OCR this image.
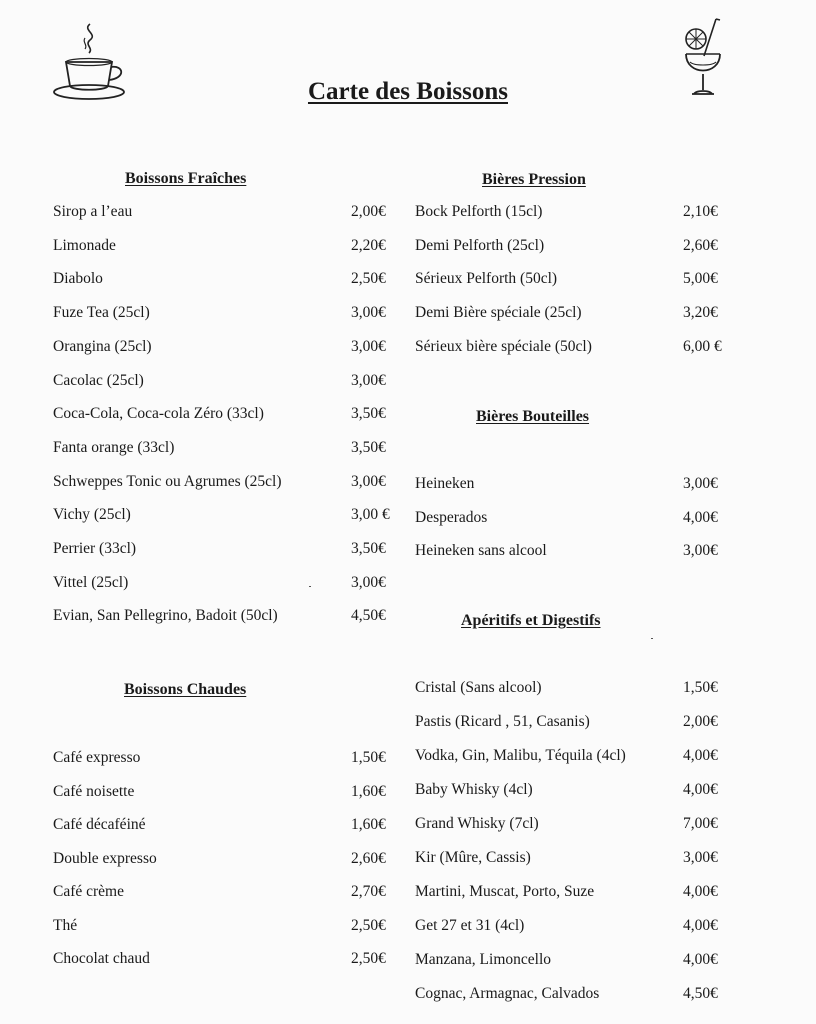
Carte des Boissons
Boissons Fraîches
Sirop a l’eau	2,00€
Limonade	2,20€
Diabolo	2,50€
Fuze Tea (25cl)	3,00€
Orangina (25cl)	3,00€
Cacolac (25cl)	3,00€
Coca-Cola, Coca-cola Zéro (33cl)	3,50€
Fanta orange (33cl)	3,50€
Schweppes Tonic ou Agrumes (25cl)	3,00€
Vichy (25cl)	3,00 €
Perrier (33cl)	3,50€
Vittel (25cl)	3,00€
Evian, San Pellegrino, Badoit (50cl)	4,50€
Boissons Chaudes
Café expresso	1,50€
Café noisette	1,60€
Café décaféiné	1,60€
Double expresso	2,60€
Café crème	2,70€
Thé	2,50€
Chocolat chaud	2,50€
Bières Pression
Bock Pelforth (15cl)	2,10€
Demi Pelforth (25cl)	2,60€
Sérieux Pelforth (50cl)	5,00€
Demi Bière spéciale (25cl)	3,20€
Sérieux bière spéciale (50cl)	6,00 €
Bières Bouteilles
Heineken	3,00€
Desperados	4,00€
Heineken sans alcool	3,00€
Apéritifs et Digestifs
Cristal (Sans alcool)	1,50€
Pastis (Ricard , 51, Casanis)	2,00€
Vodka, Gin, Malibu, Téquila (4cl)	4,00€
Baby Whisky (4cl)	4,00€
Grand Whisky (7cl)	7,00€
Kir (Mûre, Cassis)	3,00€
Martini, Muscat, Porto, Suze	4,00€
Get 27 et 31 (4cl)	4,00€
Manzana, Limoncello	4,00€
Cognac, Armagnac, Calvados	4,50€
